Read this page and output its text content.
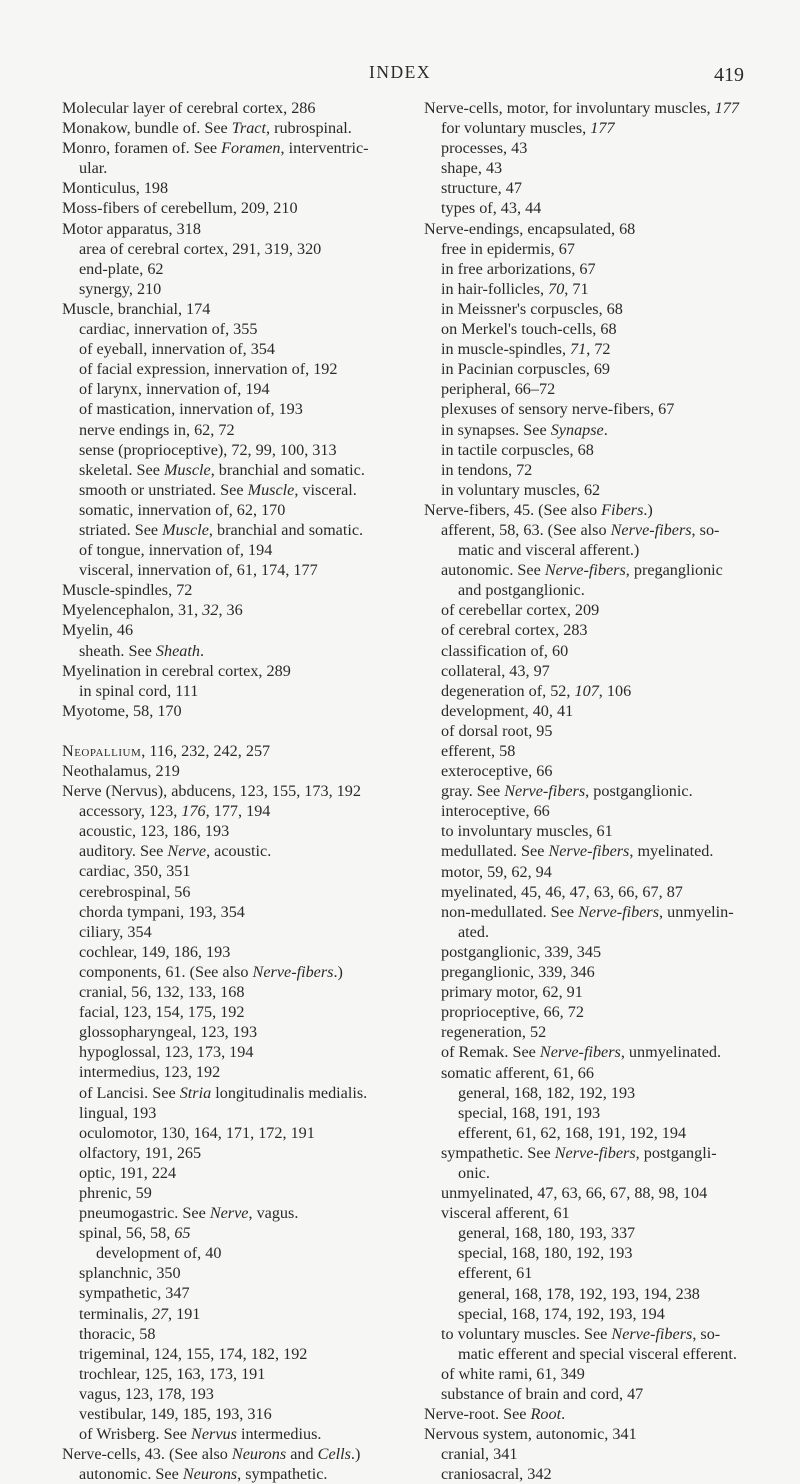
INDEX	419
Molecular layer of cerebral cortex, 286
Monakow, bundle of. See Tract, rubrospinal.
Monro, foramen of. See Foramen, interventric-
ular.
Monticulus, 198
Moss-fibers of cerebellum, 209, 210
Motor apparatus, 318
area of cerebral cortex, 291, 319, 320
end-plate, 62
synergy, 210
Muscle, branchial, 174
cardiac, innervation of, 355
of eyeball, innervation of, 354
of facial expression, innervation of, 192
of larynx, innervation of, 194
of mastication, innervation of, 193
nerve endings in, 62, 72
sense (proprioceptive), 72, 99, 100, 313
skeletal. See Muscle, branchial and somatic.
smooth or unstriated. See Muscle, visceral.
somatic, innervation of, 62, 170
striated. See Muscle, branchial and somatic.
of tongue, innervation of, 194
visceral, innervation of, 61, 174, 177
Muscle-spindles, 72
Myelencephalon, 31, 32, 36
Myelin, 46
sheath. See Sheath.
Myelination in cerebral cortex, 289
in spinal cord, 111
Myotome, 58, 170
Neopallium, 116, 232, 242, 257
Neothalamus, 219
Nerve (Nervus), abducens, 123, 155, 173, 192
accessory, 123, 176, 177, 194
acoustic, 123, 186, 193
auditory. See Nerve, acoustic.
cardiac, 350, 351
cerebrospinal, 56
chorda tympani, 193, 354
ciliary, 354
cochlear, 149, 186, 193
components, 61. (See also Nerve-fibers.)
cranial, 56, 132, 133, 168
facial, 123, 154, 175, 192
glossopharyngeal, 123, 193
hypoglossal, 123, 173, 194
intermedius, 123, 192
of Lancisi. See Stria longitudinalis medialis.
lingual, 193
oculomotor, 130, 164, 171, 172, 191
olfactory, 191, 265
optic, 191, 224
phrenic, 59
pneumogastric. See Nerve, vagus.
spinal, 56, 58, 65
development of, 40
splanchnic, 350
sympathetic, 347
terminalis, 27, 191
thoracic, 58
trigeminal, 124, 155, 174, 182, 192
trochlear, 125, 163, 173, 191
vagus, 123, 178, 193
vestibular, 149, 185, 193, 316
of Wrisberg. See Nervus intermedius.
Nerve-cells, 43. (See also Neurons and Cells.)
autonomic. See Neurons, sympathetic.
Nerve-cells, motor, for involuntary muscles, 177
for voluntary muscles, 177
processes, 43
shape, 43
structure, 47
types of, 43, 44
Nerve-endings, encapsulated, 68
free in epidermis, 67
in free arborizations, 67
in hair-follicles, 70, 71
in Meissner's corpuscles, 68
on Merkel's touch-cells, 68
in muscle-spindles, 71, 72
in Pacinian corpuscles, 69
peripheral, 66–72
plexuses of sensory nerve-fibers, 67
in synapses. See Synapse.
in tactile corpuscles, 68
in tendons, 72
in voluntary muscles, 62
Nerve-fibers, 45. (See also Fibers.)
afferent, 58, 63. (See also Nerve-fibers, so-
matic and visceral afferent.)
autonomic. See Nerve-fibers, preganglionic
and postganglionic.
of cerebellar cortex, 209
of cerebral cortex, 283
classification of, 60
collateral, 43, 97
degeneration of, 52, 107, 106
development, 40, 41
of dorsal root, 95
efferent, 58
exteroceptive, 66
gray. See Nerve-fibers, postganglionic.
interoceptive, 66
to involuntary muscles, 61
medullated. See Nerve-fibers, myelinated.
motor, 59, 62, 94
myelinated, 45, 46, 47, 63, 66, 67, 87
non-medullated. See Nerve-fibers, unmyelin-
ated.
postganglionic, 339, 345
preganglionic, 339, 346
primary motor, 62, 91
proprioceptive, 66, 72
regeneration, 52
of Remak. See Nerve-fibers, unmyelinated.
somatic afferent, 61, 66
general, 168, 182, 192, 193
special, 168, 191, 193
efferent, 61, 62, 168, 191, 192, 194
sympathetic. See Nerve-fibers, postgangli-
onic.
unmyelinated, 47, 63, 66, 67, 88, 98, 104
visceral afferent, 61
general, 168, 180, 193, 337
special, 168, 180, 192, 193
efferent, 61
general, 168, 178, 192, 193, 194, 238
special, 168, 174, 192, 193, 194
to voluntary muscles. See Nerve-fibers, so-
matic efferent and special visceral efferent.
of white rami, 61, 349
substance of brain and cord, 47
Nerve-root. See Root.
Nervous system, autonomic, 341
cranial, 341
craniosacral, 342
